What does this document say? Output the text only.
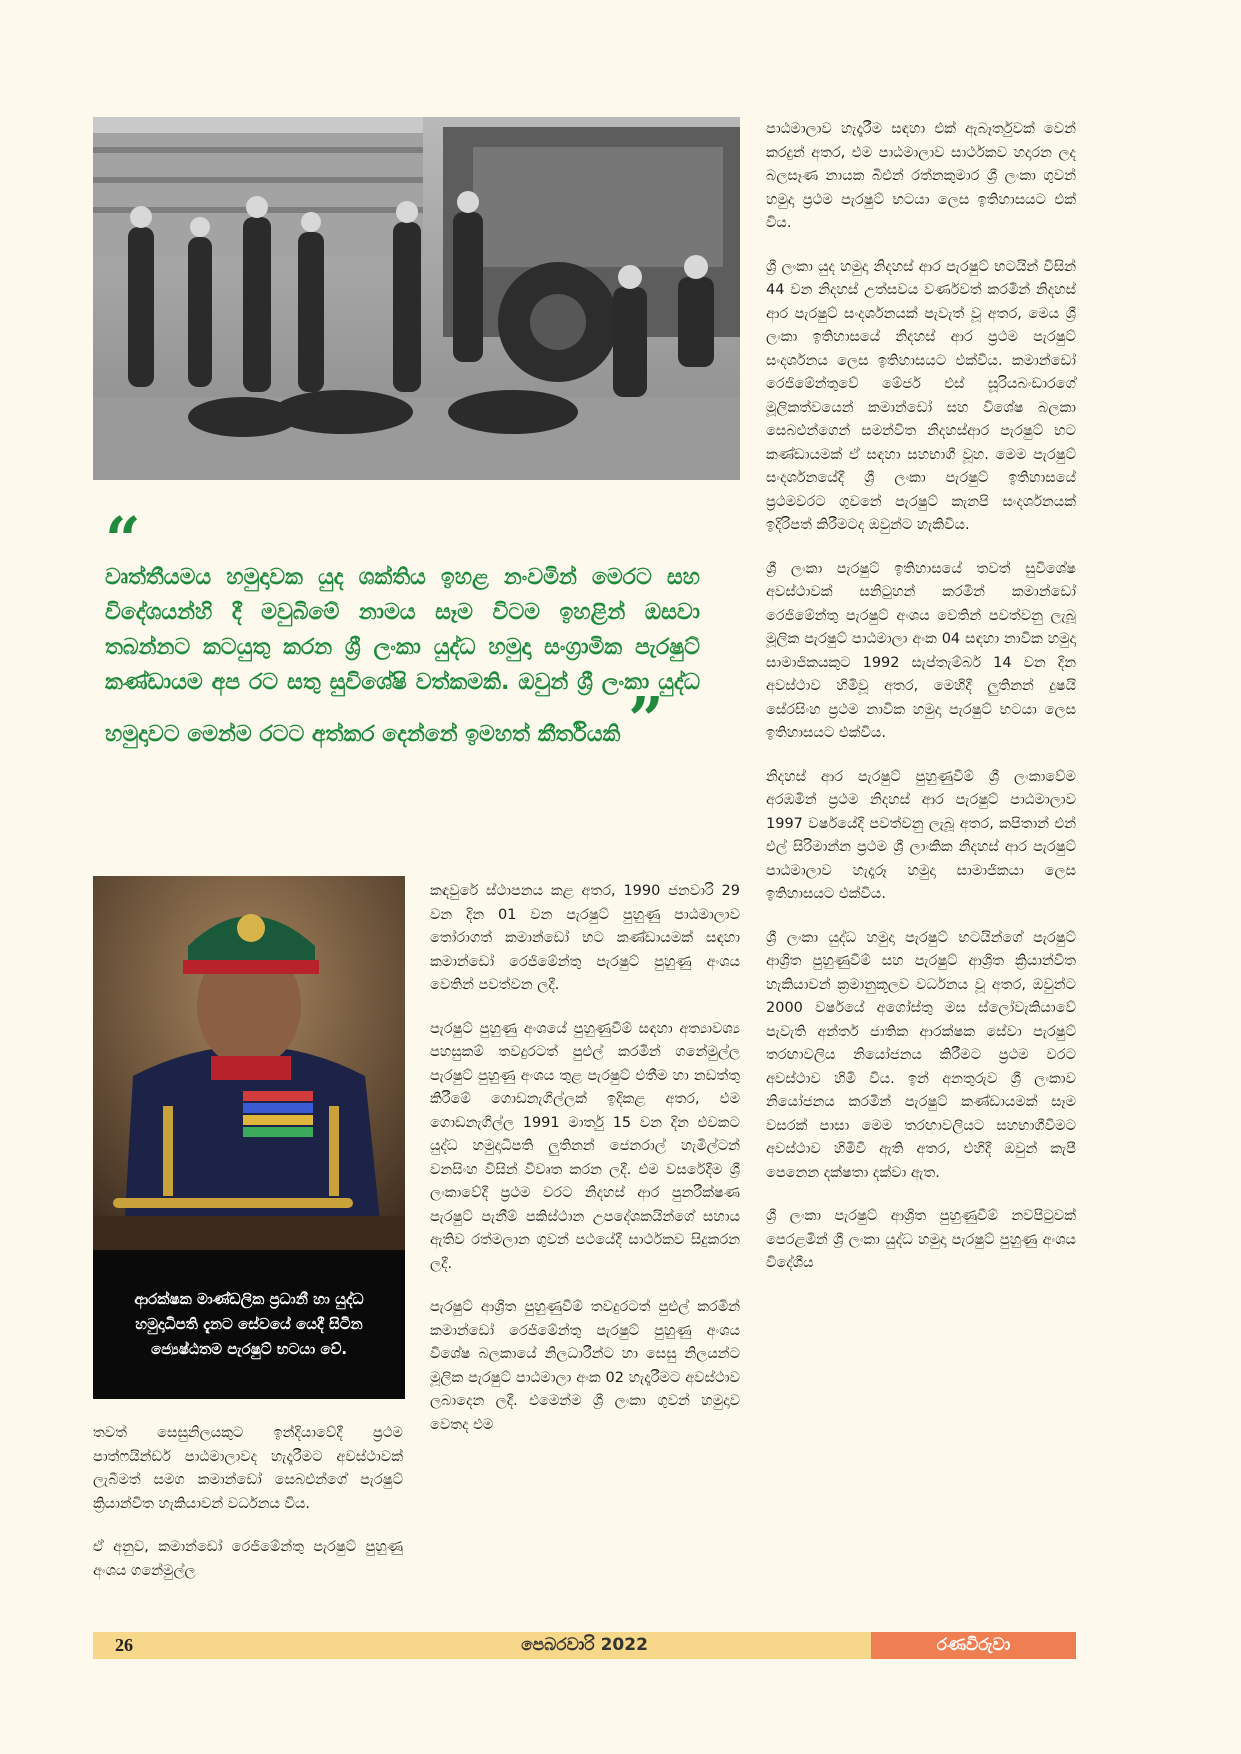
“
වෘත්තීයමය හමුදාවක යුද ශක්තිය ඉහළ නංවමින් මෙරට සහ විදේශයන්හි දී මවුබිමේ නාමය සෑම විටම ඉහළින් ඔසවා තබන්නට කටයුතු කරන ශ්‍රී ලංකා යුද්ධ හමුදා සංග්‍රාමික පැරෂුට් කණ්ඩායම අප රට සතු සුවිශේෂි වත්කමකි. ඔවුන් ශ්‍රී ලංකා යුද්ධ හමුදාවට මෙන්ම රටට අත්කර දෙන්නේ ඉමහත් කීර්තියකි ”
ආරක්ෂක මාණ්ඩලික ප්‍රධානී හා යුද්ධ හමුදාධිපති දැනට සේවයේ යෙදී සිටින ජ්‍යෙෂ්ඨතම පැරෂුට් භටයා වේ.

පාඨමාලාව හැදෑරීම සඳහා එක් ඇබෑර්තුවක් වෙන් කරදුන් අතර, එම පාඨමාලාව සාර්ථකව හදාරන ලද බලසෑණ නායක බිළුන් රත්නකුමාර ශ්‍රී ලංකා ගුවන් හමුදා ප්‍රථම පැරෂුට් භටයා ලෙස ඉතිහාසයට එක් විය.

ශ්‍රී ලංකා යුද හමුදා නිදහස් ආර පැරෂුට් භටයින් විසින් 44 වන නිදහස් උත්සවය වර්ණවත් කරමින් නිදහස් ආර පැරෂුට් සංදර්ශනයක් පැවැත් වූ අතර, මෙය ශ්‍රී ලංකා ඉතිහාසයේ නිදහස් ආර ප්‍රථම පැරෂුට් සංදර්ශනය ලෙස ඉතිහාසයට එක්විය. කමාන්ඩෝ රෙජිමේන්තුවේ මේජර් එස් සූරියබංඩාරගේ මූලිකත්වයෙන් කමාන්ඩෝ සහ විශේෂ බලකා සෙබළුන්ගෙන් සමන්විත නිදහස්ආර පැරෂුට් භට කණ්ඩායමක් ඒ සඳහා සහභාගී වූහ. මෙම පැරෂුට් සංදර්ශනයේදී ශ්‍රී ලංකා පැරෂුට් ඉතිහාසයේ ප්‍රථමවරට ගුවනේ පැරෂුට් කැනපි සංදර්ශනයක් ඉදිරිපත් කිරීමටද ඔවුන්ට හැකිවිය.

ශ්‍රී ලංකා පැරෂුට් ඉතිහාසයේ තවත් සුවිශේෂ අවස්ථාවක් සනිටුහන් කරමින් කමාන්ඩෝ රෙජිමේන්තු පැරෂුට් අංශය වෙතින් පවත්වනු ලැබූ මූලික පැරෂුට් පාඨමාලා අංක 04 සඳහා නාවික හමුදා සාමාජිකයකුට 1992 සැප්තැම්බර් 14 වන දින අවස්ථාව හිමිවූ අතර, මෙහිදී ලුතිනන් දුෂයි සේරසිංහ ප්‍රථම නාවික හමුදා පැරෂුට් භටයා ලෙස ඉතිහාසයට එක්විය.

නිදහස් ආර පැරෂුට් පුහුණුවීම් ශ්‍රී ලංකාවේම අරඹමින් ප්‍රථම නිදහස් ආර පැරෂුට් පාඨමාලාව 1997 වර්ෂයේදී පවත්වනු ලැබූ අතර, කපිතාන් එන් එල් සිරිමාන්න ප්‍රථම ශ්‍රී ලාංකික නිදහස් ආර පැරෂුට් පාඨමාලාව හැදෑරූ හමුදා සාමාජිකයා ලෙස ඉතිහාසයට එක්විය.

ශ්‍රී ලංකා යුද්ධ හමුදා පැරෂුට් භටයින්ගේ පැරෂුට් ආශ්‍රිත පුහුණුවීම් සහ පැරෂුට් ආශ්‍රිත ක්‍රියාන්විත හැකියාවන් ක්‍රමානුකූලව වර්ධනය වූ අතර, ඔවුන්ට 2000 වර්ෂයේ අගෝස්තු මස ස්ලෝවැකියාවේ පැවැති අන්තර් ජාතික ආරක්ෂක සේවා පැරෂුට් තරඟාවලිය නියෝජනය කිරීමට ප්‍රථම වරට අවස්ථාව හිමි විය. ඉන් අනතුරුව ශ්‍රී ලංකාව නියෝජනය කරමින් පැරෂුට් කණ්ඩායමක් සෑම වසරක් පාසා මෙම තරඟාවලියට සහභාගීවීමට අවස්ථාව හිමිවී ඇති අතර, එහිදී ඔවුන් කැපී පෙනෙන දක්ෂතා දක්වා ඇත.

ශ්‍රී ලංකා පැරෂුට් ආශ්‍රිත පුහුණුවීම් නවපිටුවක් පෙරළමින් ශ්‍රී ලංකා යුද්ධ හමුදා පැරෂුට් පුහුණු අංශය විදේශීය

කඳවුරේ ස්ථාපනය කළ අතර, 1990 ජනවාරි 29 වන දින 01 වන පැරෂුට් පුහුණු පාඨමාලාව තෝරාගත් කමාන්ඩෝ භට කණ්ඩායමක් සඳහා කමාන්ඩෝ රෙජිමේන්තු පැරෂුට් පුහුණු අංශය වෙතින් පවත්වන ලදී.

පැරෂුට් පුහුණු අංශයේ පුහුණුවීම් සඳහා අත්‍යාවශ්‍ය පහසුකම් තවදුරටත් පුළුල් කරමින් ගනේමුල්ල පැරෂුට් පුහුණු අංශය තුළ පැරෂුට් එතීම හා නඩත්තු කිරීමේ ගොඩනැගිල්ලක් ඉදිකළ අතර, එම ගොඩනැගිල්ල 1991 මාර්තු 15 වන දින එවකට යුද්ධ හමුදාධිපති ලුතිනන් ජෙනරාල් හැමිල්ටන් වනසිංහ විසින් විවෘත කරන ලදී. එම වසරේදීම ශ්‍රී ලංකාවේදී ප්‍රථම වරට නිදහස් ආර පුනරීක්ෂණ පැරෂුට් පැනීම් පකිස්ථාන උපදේශකයින්ගේ සහාය ඇතිව රත්මලාන ගුවන් පථයේදී සාර්ථකව සිදුකරන ලදී.

පැරෂුට් ආශ්‍රිත පුහුණුවීම් තවදුරටත් පුළුල් කරමින් කමාන්ඩෝ රෙජිමේන්තු පැරෂුට් පුහුණු අංශය විශේෂ බලකායේ නිලධාරීන්ට හා සෙසු නිලයන්ට මූලික පැරෂුට් පාඨමාලා අංක 02 හැදෑරීමට අවස්ථාව ලබාදෙන ලදී. එමෙන්ම ශ්‍රී ලංකා ගුවන් හමුදාව වෙතද එම

තවත් සෙසුනිලයකුට ඉන්දියාවේදී ප්‍රථම පාත්ෆයින්ඩර් පාඨමාලාවද හැදෑරීමට අවස්ථාවක් ලැබීමත් සමග කමාන්ඩෝ සෙබළුන්ගේ පැරෂුට් ක්‍රියාන්විත හැකියාවන් වර්ධනය විය.

ඒ අනුව, කමාන්ඩෝ රෙජිමේන්තු පැරෂුට් පුහුණු අංශය ගනේමුල්ල

26	පෙබරවාරි 2022	රණවිරුවා
